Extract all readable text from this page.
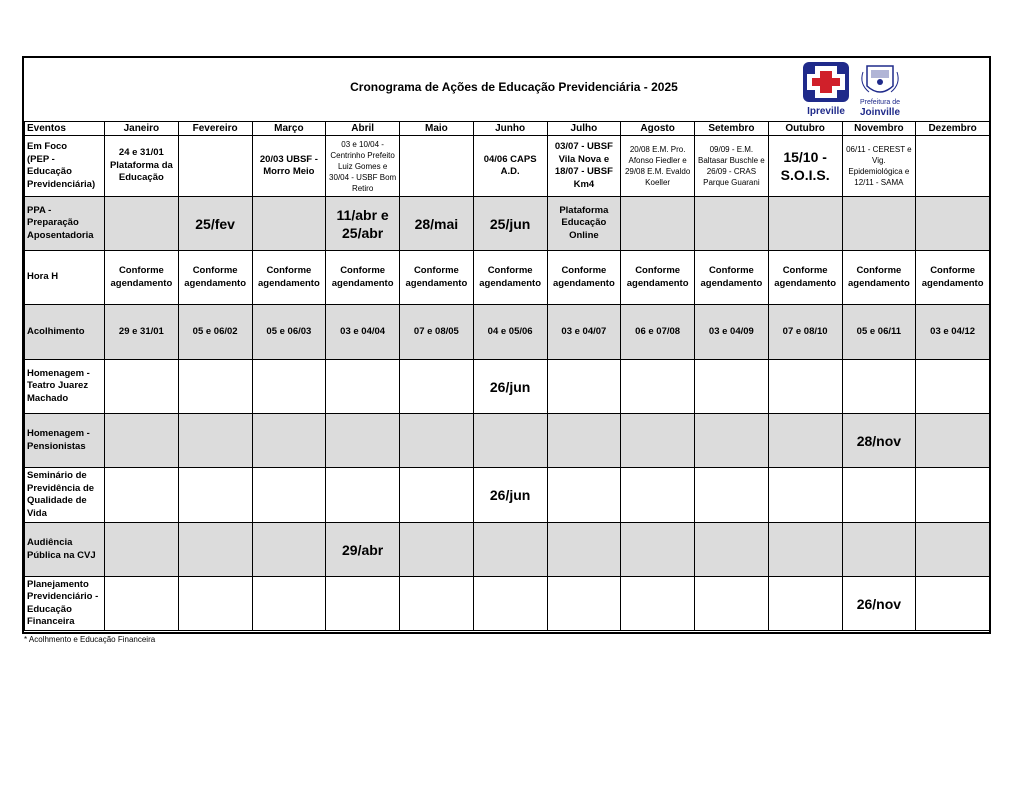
Cronograma de Ações de Educação Previdenciária - 2025
Ipreville
Prefeitura de
Joinville
Eventos	Janeiro	Fevereiro	Março	Abril	Maio	Junho	Julho	Agosto	Setembro	Outubro	Novembro	Dezembro
Em Foco
(PEP - Educação
Previdenciária)	24 e 31/01
Plataforma da
Educação		20/03 UBSF -
Morro Meio	03 e 10/04 -
Centrinho Prefeito
Luiz Gomes e
30/04 - USBF Bom
Retiro		04/06 CAPS
A.D.	03/07 - UBSF
Vila Nova e
18/07 - UBSF
Km4	20/08 E.M. Pro.
Afonso Fiedler e
29/08 E.M. Evaldo
Koeller	09/09 - E.M.
Baltasar Buschle e
26/09 - CRAS
Parque Guarani	15/10 -
S.O.I.S.	06/11 - CEREST e
Vig.
Epidemiológica e
12/11 - SAMA	
PPA -
Preparação
Aposentadoria		25/fev		11/abr e
25/abr	28/mai	25/jun	Plataforma
Educação
Online					
Hora H	Conforme
agendamento	Conforme
agendamento	Conforme
agendamento	Conforme
agendamento	Conforme
agendamento	Conforme
agendamento	Conforme
agendamento	Conforme
agendamento	Conforme
agendamento	Conforme
agendamento	Conforme
agendamento	Conforme
agendamento
Acolhimento	29 e 31/01	05 e 06/02	05 e 06/03	03 e 04/04	07 e 08/05	04 e 05/06	03 e 04/07	06 e 07/08	03 e 04/09	07 e 08/10	05 e 06/11	03 e 04/12
Homenagem -
Teatro Juarez
Machado						26/jun						
Homenagem -
Pensionistas											28/nov	
Seminário de
Previdência de
Qualidade de
Vida						26/jun						
Audiência
Pública na CVJ				29/abr								
Planejamento
Previdenciário -
Educação
Financeira											26/nov	
* Acolhmento e Educação Financeira
